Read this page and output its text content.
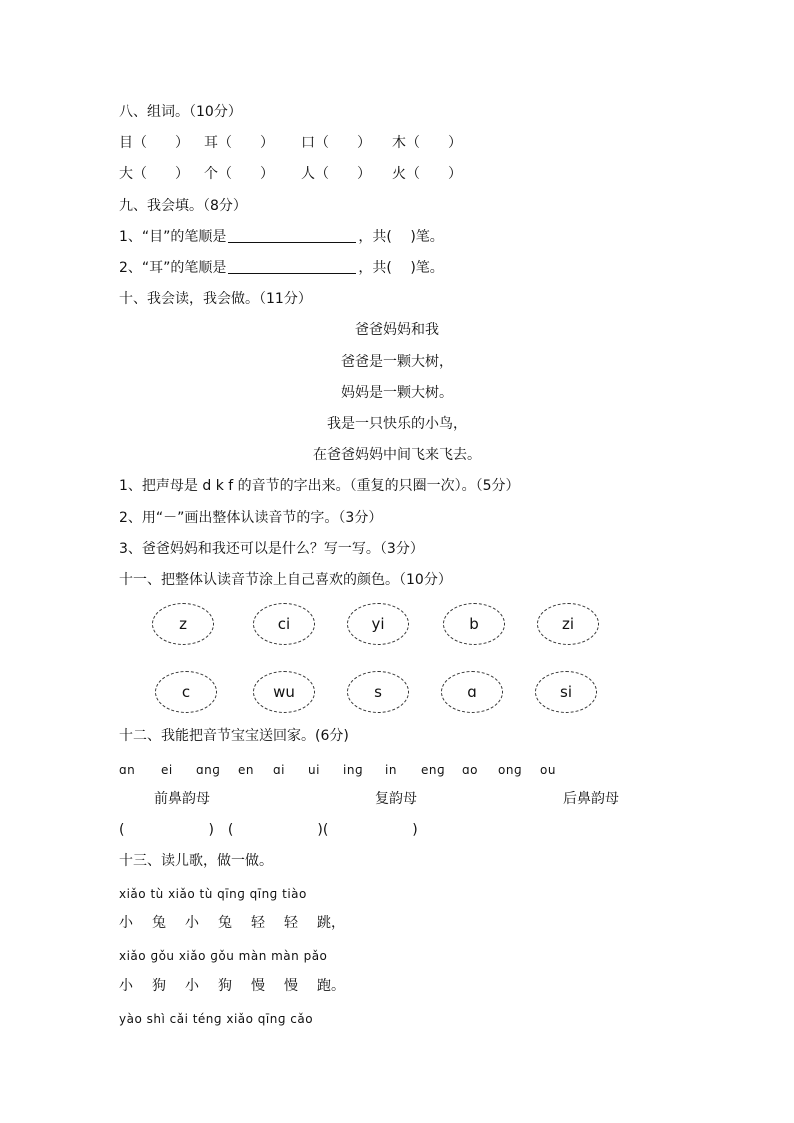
八、组词。（10分）
目（　　） 耳（　　） 口（　　） 木（　　）
大（　　） 个（　　） 人（　　） 火（　　）
九、我会填。（8分）
1、“目”的笔顺是	，共(　 )笔。
2、“耳”的笔顺是	，共(　 )笔。
十、我会读，我会做。（11分）
爸爸妈妈和我
爸爸是一颗大树，
妈妈是一颗大树。
我是一只快乐的小鸟，
在爸爸妈妈中间飞来飞去。
1、把声母是 d k f 的音节的字出来。（重复的只圈一次）。（5分）
2、用“－”画出整体认读音节的字。（3分）
3、爸爸妈妈和我还可以是什么？写一写。（3分）
十一、把整体认读音节涂上自己喜欢的颜色。（10分）
z	ci	yi	b	zi
c	wu	s	ɑ	si
十二、我能把音节宝宝送回家。(6分)
ɑn ei ɑnɡ en ɑi ui inɡ in enɡ ɑo onɡ ou
前鼻韵母	复韵母	后鼻韵母
(　　　　　　)　(　　　　　　)(　　　　　　)
十三、读儿歌，做一做。
xiǎo tù xiǎo tù qīnɡ qīnɡ tiào
小 兔 小 兔 轻 轻 跳，
xiǎo ɡǒu xiǎo ɡǒu màn màn pǎo
小 狗 小 狗 慢 慢 跑。
yào shì cǎi ténɡ xiǎo qīnɡ cǎo
